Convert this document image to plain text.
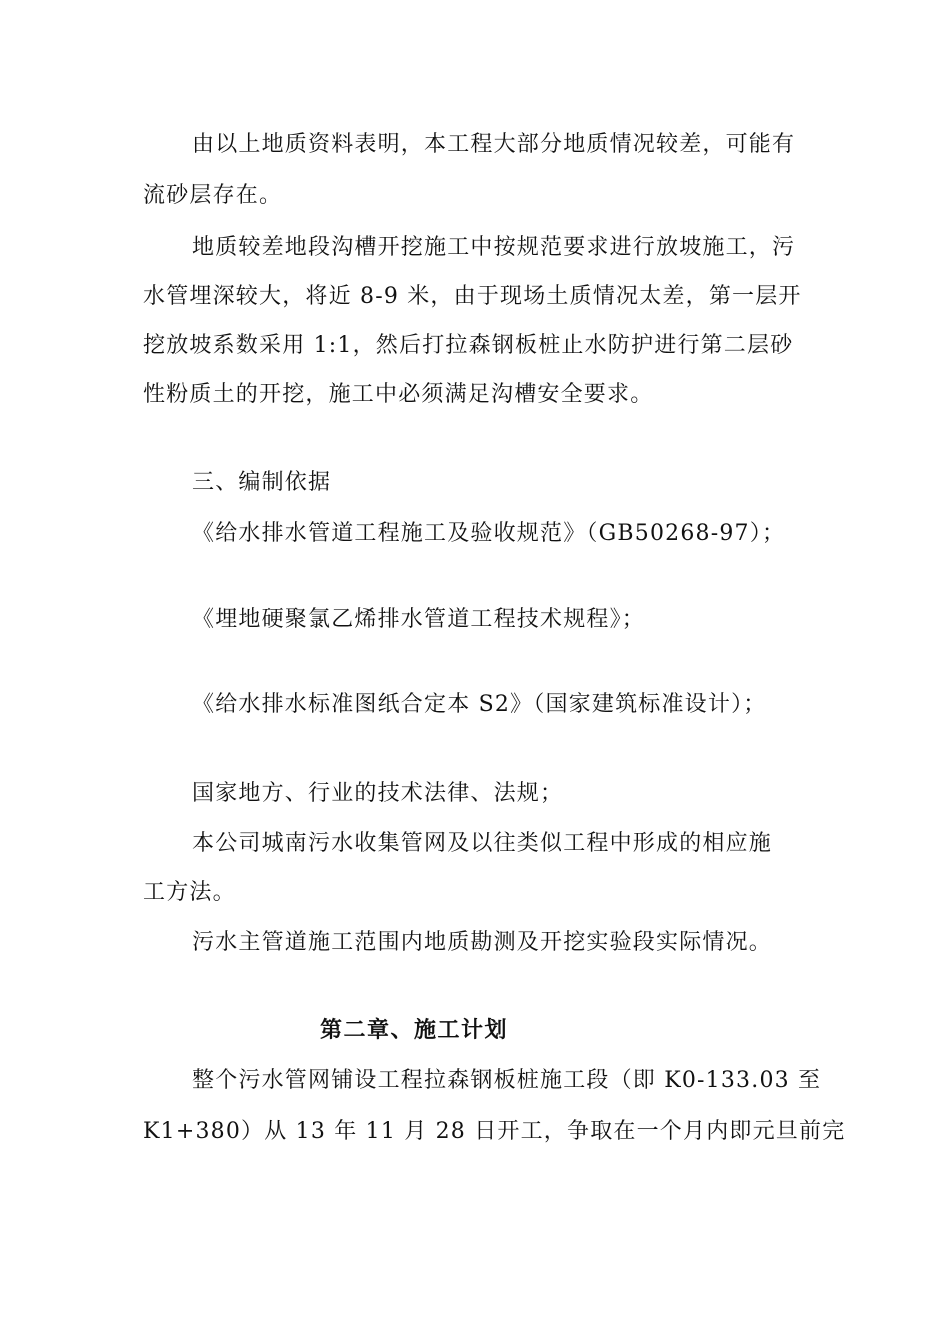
由以上地质资料表明，本工程大部分地质情况较差，可能有
流砂层存在。
地质较差地段沟槽开挖施工中按规范要求进行放坡施工，污
水管埋深较大，将近 8-9 米，由于现场土质情况太差，第一层开
挖放坡系数采用 1:1，然后打拉森钢板桩止水防护进行第二层砂
性粉质土的开挖，施工中必须满足沟槽安全要求。
三、编制依据
《给水排水管道工程施工及验收规范》（GB50268-97）；
《埋地硬聚氯乙烯排水管道工程技术规程》；
《给水排水标准图纸合定本 S2》（国家建筑标准设计）；
国家地方、行业的技术法律、法规；
本公司城南污水收集管网及以往类似工程中形成的相应施
工方法。
污水主管道施工范围内地质勘测及开挖实验段实际情况。
第二章、施工计划
整个污水管网铺设工程拉森钢板桩施工段（即 K0-133.03 至
K1+380）从 13 年 11 月 28 日开工，争取在一个月内即元旦前完
